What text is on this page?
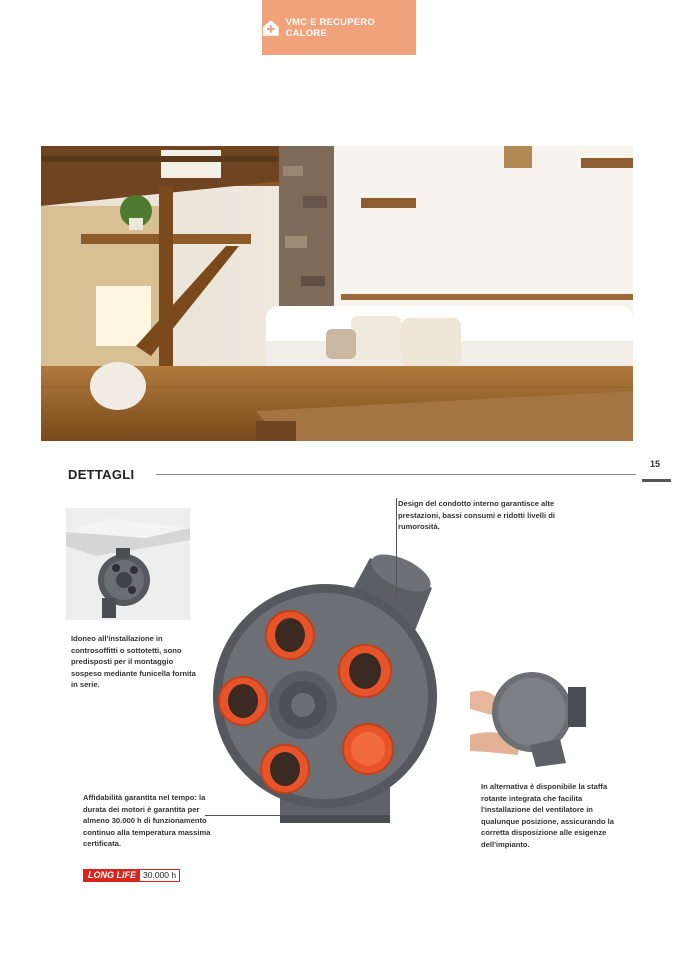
VMC E RECUPERO CALORE
DETTAGLI
15
Design del condotto interno garantisce alte prestazioni, bassi consumi e ridotti livelli di rumorosità.
Idoneo all'installazione in controsoffitti o sottotetti, sono predisposti per il montaggio sospeso mediante funicella fornita in serie.
Affidabilità garantita nel tempo: la durata dei motori è garantita per almeno 30.000 h di funzionamento continuo alla temperatura massima certificata.
In alternativa è disponibile la staffa rotante integrata che facilita l'installazione del ventilatore in qualunque posizione, assicurando la corretta disposizione alle esigenze dell'impianto.
LONG LIFE 30.000 h
